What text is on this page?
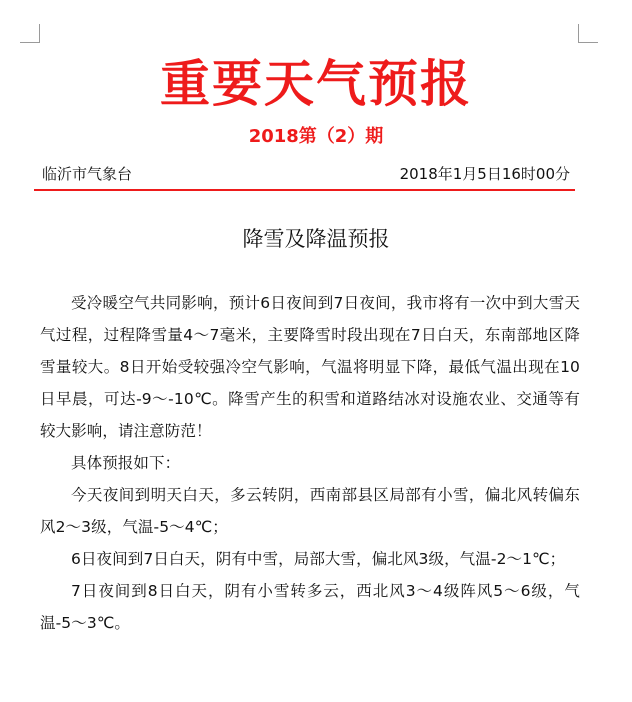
重要天气预报
2018第（2）期
临沂市气象台	2018年1月5日16时00分
降雪及降温预报

受冷暖空气共同影响，预计6日夜间到7日夜间，我市将有一次中到大雪天气过程，过程降雪量4～7毫米，主要降雪时段出现在7日白天，东南部地区降雪量较大。8日开始受较强冷空气影响，气温将明显下降，最低气温出现在10日早晨，可达-9～-10℃。降雪产生的积雪和道路结冰对设施农业、交通等有较大影响，请注意防范！

具体预报如下：

今天夜间到明天白天，多云转阴，西南部县区局部有小雪，偏北风转偏东风2～3级，气温-5～4℃；

6日夜间到7日白天，阴有中雪，局部大雪，偏北风3级，气温-2～1℃；

7日夜间到8日白天，阴有小雪转多云，西北风3～4级阵风5～6级，气温-5～3℃。
